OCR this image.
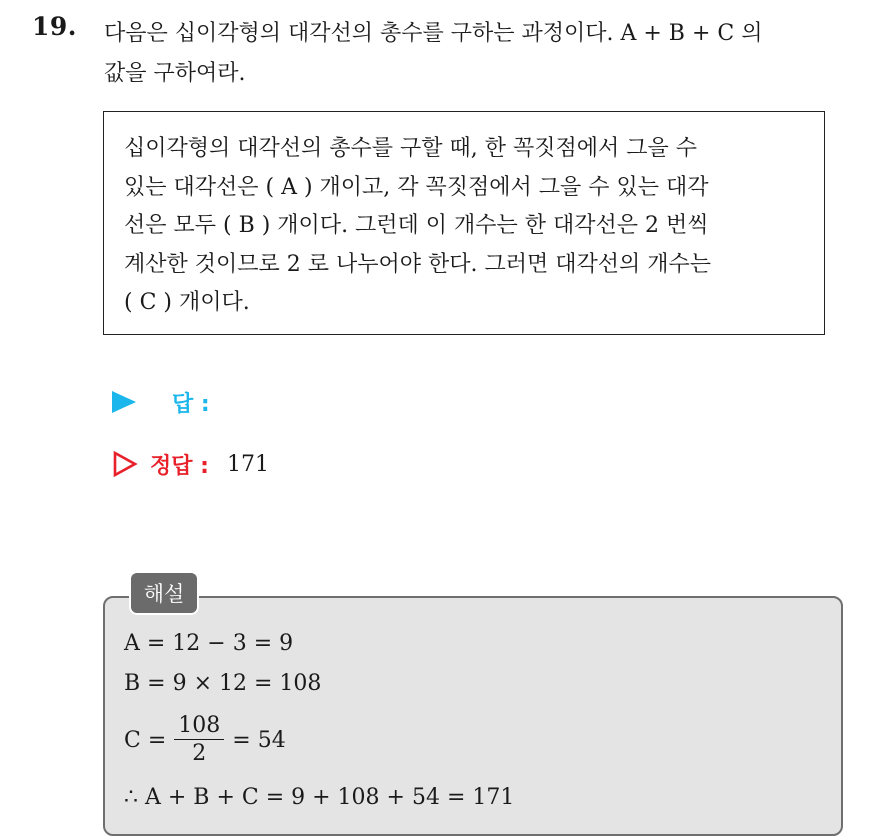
19. 다음은 십이각형의 대각선의 총수를 구하는 과정이다. A + B + C 의
값을 구하여라.
십이각형의 대각선의 총수를 구할 때, 한 꼭짓점에서 그을 수
있는 대각선은 ( A ) 개이고, 각 꼭짓점에서 그을 수 있는 대각
선은 모두 ( B ) 개이다. 그런데 이 개수는 한 대각선은 2 번씩
계산한 것이므로 2 로 나누어야 한다. 그러면 대각선의 개수는
( C ) 개이다.
답 :
정답 : 171
해설
A = 12 − 3 = 9
B = 9 × 12 = 108
$C = \frac{108}{2} = 54$
∴ A + B + C = 9 + 108 + 54 = 171
